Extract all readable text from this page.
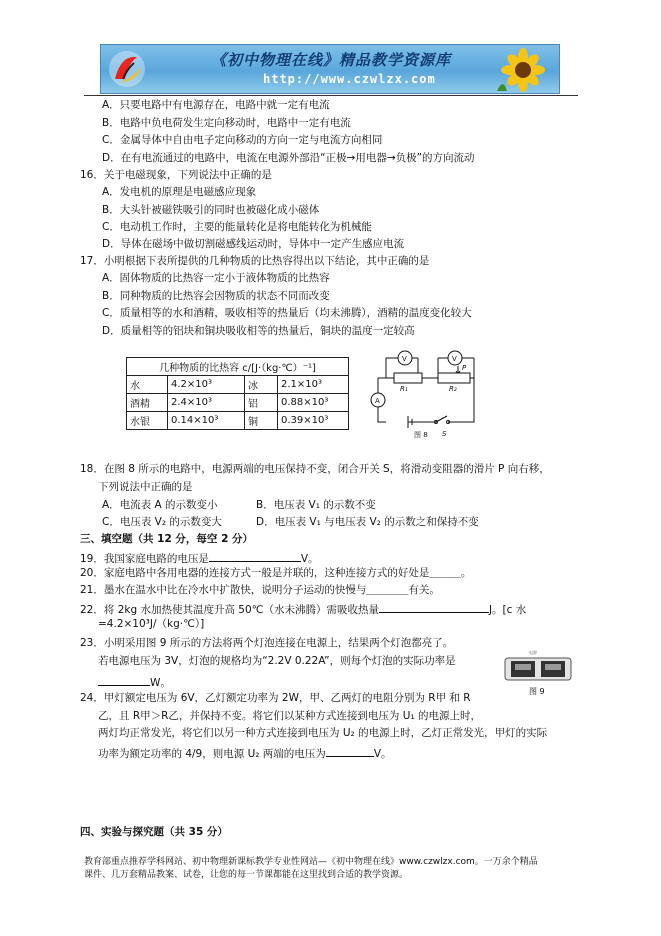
《初中物理在线》精品教学资源库
http://www.czwlzx.com
A．只要电路中有电源存在，电路中就一定有电流
B．电路中负电荷发生定向移动时，电路中一定有电流
C．金属导体中自由电子定向移动的方向一定与电流方向相同
D．在有电流通过的电路中，电流在电源外部沿“正极→用电器→负极”的方向流动
16．关于电磁现象，下列说法中正确的是
A．发电机的原理是电磁感应现象
B．大头针被磁铁吸引的同时也被磁化成小磁体
C．电动机工作时，主要的能量转化是将电能转化为机械能
D．导体在磁场中做切割磁感线运动时，导体中一定产生感应电流
17．小明根据下表所提供的几种物质的比热容得出以下结论，其中正确的是
A．固体物质的比热容一定小于液体物质的比热容
B．同种物质的比热容会因物质的状态不同而改变
C．质量相等的水和酒精，吸收相等的热量后（均未沸腾），酒精的温度变化较大
D．质量相等的铝块和铜块吸收相等的热量后，铜块的温度一定较高
18．在图 8 所示的电路中，电源两端的电压保持不变，闭合开关 S，将滑动变阻器的滑片 P 向右移，
下列说法中正确的是
A．电流表 A 的示数变小	B．电压表 V₁ 的示数不变
C．电压表 V₂ 的示数变大	D．电压表 V₁ 与电压表 V₂ 的示数之和保持不变
三、填空题（共 12 分，每空 2 分）
19．我国家庭电路的电压是	V。
20．家庭电路中各用电器的连接方式一般是并联的，这种连接方式的好处是＿＿＿。
21．墨水在温水中比在冷水中扩散快，说明分子运动的快慢与＿＿＿＿有关。
22．将 2kg 水加热使其温度升高 50℃（水未沸腾）需吸收热量	J。[c 水
=4.2×10³J/（kg·℃）]
23．小明采用图 9 所示的方法将两个灯泡连接在电源上，结果两个灯泡都亮了。
若电源电压为 3V，灯泡的规格均为“2.2V 0.22A”，则每个灯泡的实际功率是
W。
24．甲灯额定电压为 6V，乙灯额定功率为 2W，甲、乙两灯的电阻分别为 R甲 和 R
乙，且 R甲＞R乙，并保持不变。将它们以某种方式连接到电压为 U₁ 的电源上时，
两灯均正常发光，将它们以另一种方式连接到电压为 U₂ 的电源上时，乙灯正常发光，甲灯的实际
功率为额定功率的 4/9，则电源 U₂ 两端的电压为	V。
四、实验与探究题（共 35 分）
几种物质的比热容 c/[J·（kg·℃）⁻¹]			
水	4.2×10³	冰	2.1×10³
酒精	2.4×10³	铝	0.88×10³
水银	0.14×10³	铜	0.39×10³
V	V
R₁	R₂
P
A
S
图 8
电源
图 9
教育部重点推荐学科网站、初中物理新课标教学专业性网站—《初中物理在线》www.czwlzx.com。一万余个精品
课件、几万套精品教案、试卷，让您的每一节课都能在这里找到合适的教学资源。
